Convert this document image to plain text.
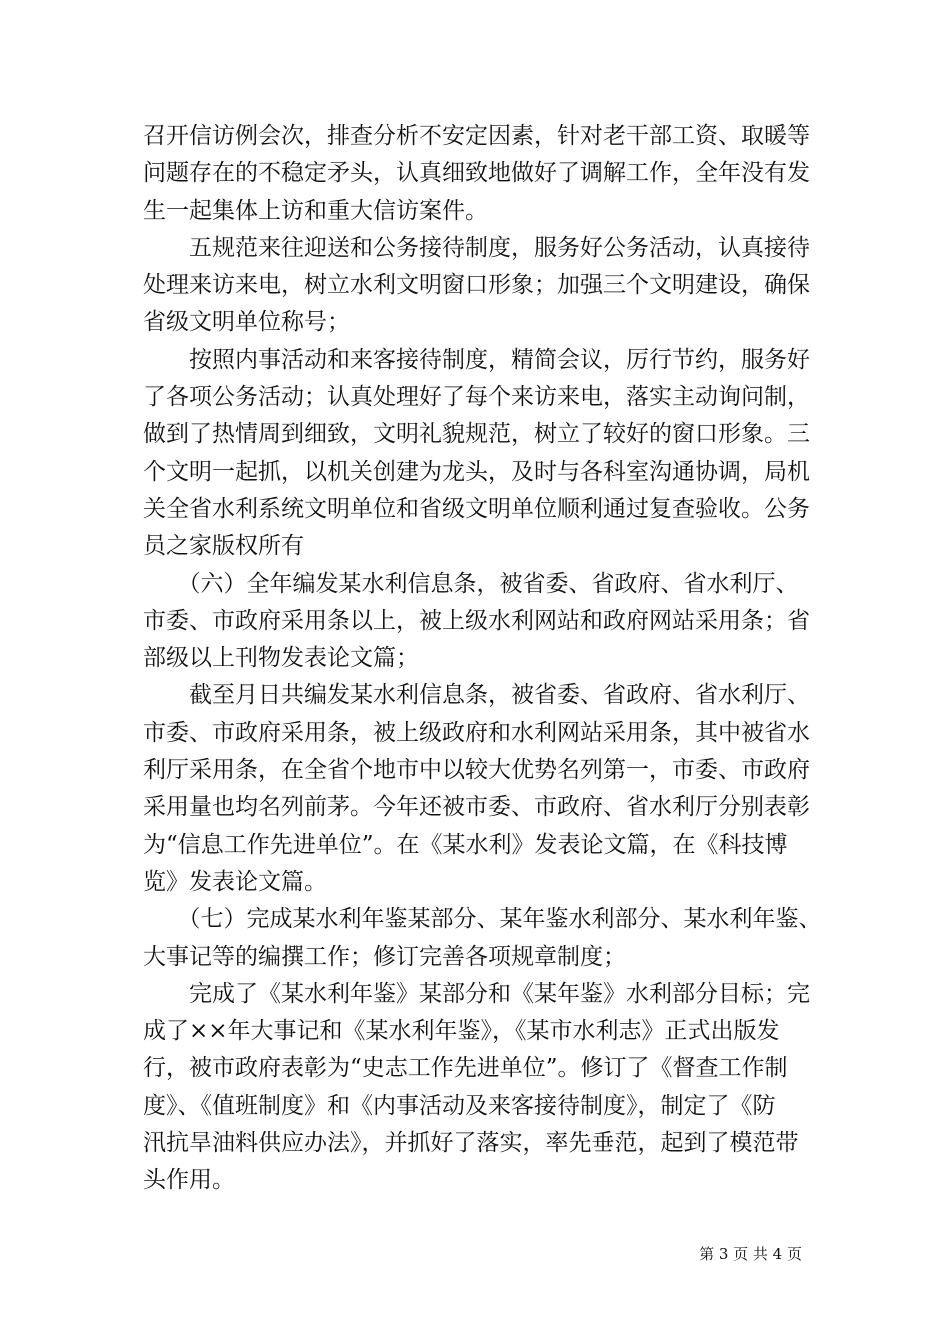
召开信访例会次，排查分析不安定因素，针对老干部工资、取暖等
问题存在的不稳定矛头，认真细致地做好了调解工作，全年没有发
生一起集体上访和重大信访案件。
　　五规范来往迎送和公务接待制度，服务好公务活动，认真接待
处理来访来电，树立水利文明窗口形象；加强三个文明建设，确保
省级文明单位称号；
　　按照内事活动和来客接待制度，精简会议，厉行节约，服务好
了各项公务活动；认真处理好了每个来访来电，落实主动询问制，
做到了热情周到细致，文明礼貌规范，树立了较好的窗口形象。三
个文明一起抓，以机关创建为龙头，及时与各科室沟通协调，局机
关全省水利系统文明单位和省级文明单位顺利通过复查验收。公务
员之家版权所有
　　（六）全年编发某水利信息条，被省委、省政府、省水利厅、
市委、市政府采用条以上，被上级水利网站和政府网站采用条；省
部级以上刊物发表论文篇；
　　截至月日共编发某水利信息条，被省委、省政府、省水利厅、
市委、市政府采用条，被上级政府和水利网站采用条，其中被省水
利厅采用条，在全省个地市中以较大优势名列第一，市委、市政府
采用量也均名列前茅。今年还被市委、市政府、省水利厅分别表彰
为“信息工作先进单位”。在《某水利》发表论文篇，在《科技博
览》发表论文篇。
　　（七）完成某水利年鉴某部分、某年鉴水利部分、某水利年鉴、
大事记等的编撰工作；修订完善各项规章制度；
　　完成了《某水利年鉴》某部分和《某年鉴》水利部分目标；完
成了××年大事记和《某水利年鉴》，《某市水利志》正式出版发
行，被市政府表彰为“史志工作先进单位”。修订了《督查工作制
度》、《值班制度》和《内事活动及来客接待制度》，制定了《防
汛抗旱油料供应办法》，并抓好了落实，率先垂范，起到了模范带
头作用。
第 3 页 共 4 页
